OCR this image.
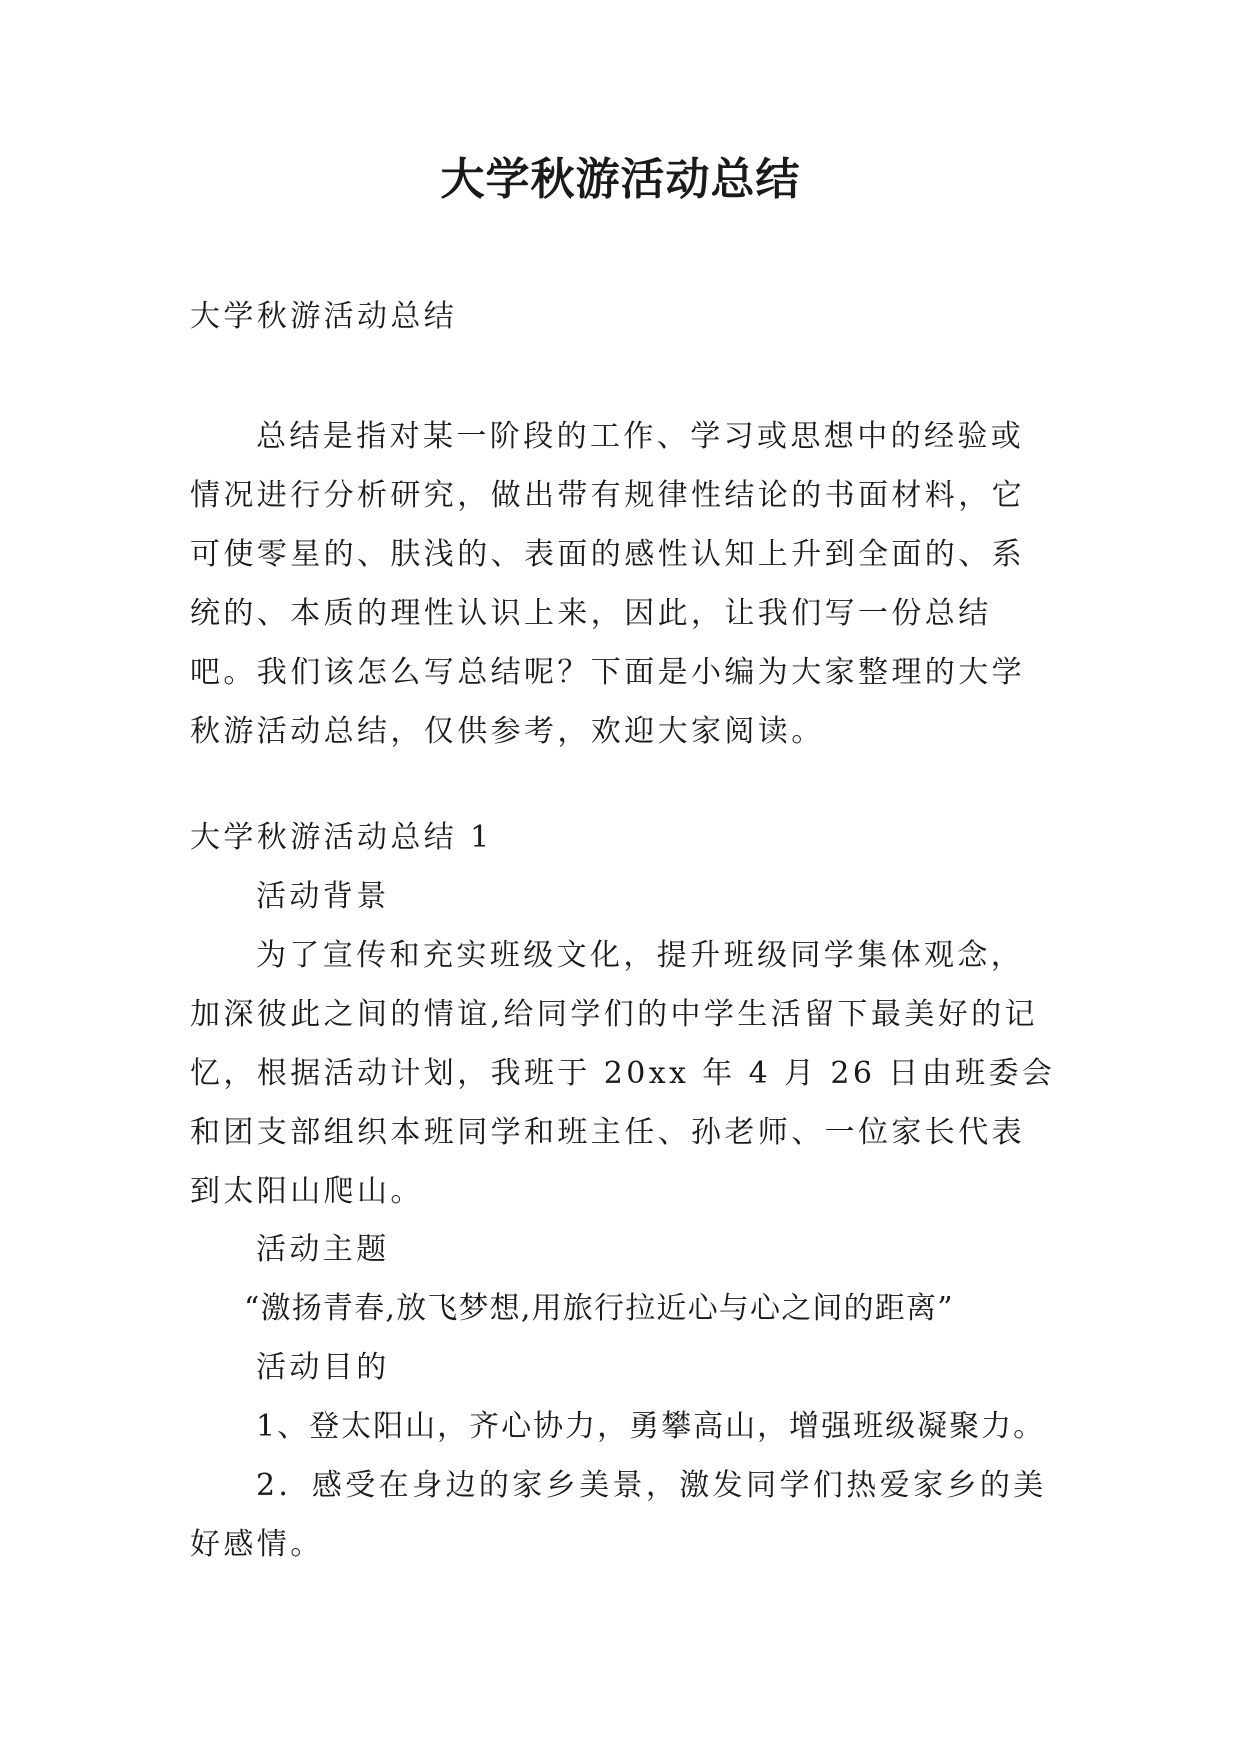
大学秋游活动总结

大学秋游活动总结

总结是指对某一阶段的工作、学习或思想中的经验或情况进行分析研究，做出带有规律性结论的书面材料，它可使零星的、肤浅的、表面的感性认知上升到全面的、系统的、本质的理性认识上来，因此，让我们写一份总结吧。我们该怎么写总结呢？下面是小编为大家整理的大学秋游活动总结，仅供参考，欢迎大家阅读。

大学秋游活动总结 1

活动背景

为了宣传和充实班级文化，提升班级同学集体观念，加深彼此之间的情谊,给同学们的中学生活留下最美好的记忆，根据活动计划，我班于 20xx 年 4 月 26 日由班委会和团支部组织本班同学和班主任、孙老师、一位家长代表到太阳山爬山。

活动主题

“激扬青春,放飞梦想,用旅行拉近心与心之间的距离”

活动目的

1、登太阳山，齐心协力，勇攀高山，增强班级凝聚力。

2．感受在身边的家乡美景，激发同学们热爱家乡的美好感情。
